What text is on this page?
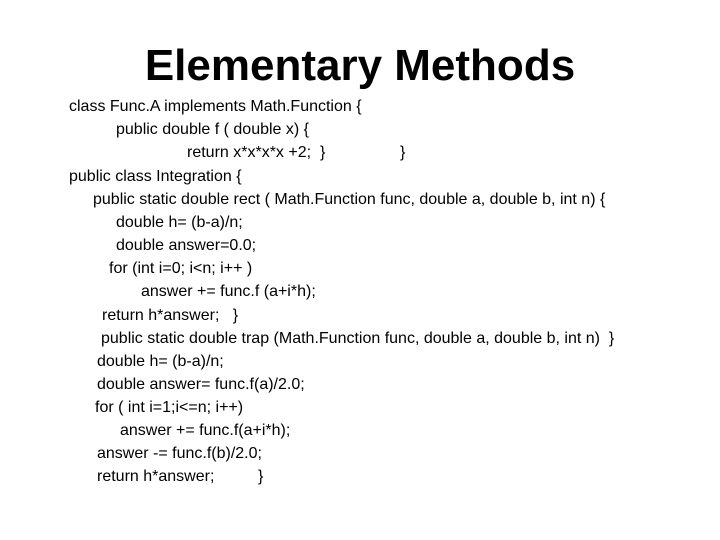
Elementary Methods
class Func.A implements Math.Function {
public double f ( double x) {
return x*x*x*x +2;  }	}
public class Integration {
public static double rect ( Math.Function func, double a, double b, int n) {
double h= (b-a)/n;
double answer=0.0;
for (int i=0; i<n; i++ )
answer += func.f (a+i*h);
return h*answer;   }
public static double trap (Math.Function func, double a, double b, int n)  }
double h= (b-a)/n;
double answer= func.f(a)/2.0;
for ( int i=1;i<=n; i++)
answer += func.f(a+i*h);
answer -= func.f(b)/2.0;
return h*answer;	}
